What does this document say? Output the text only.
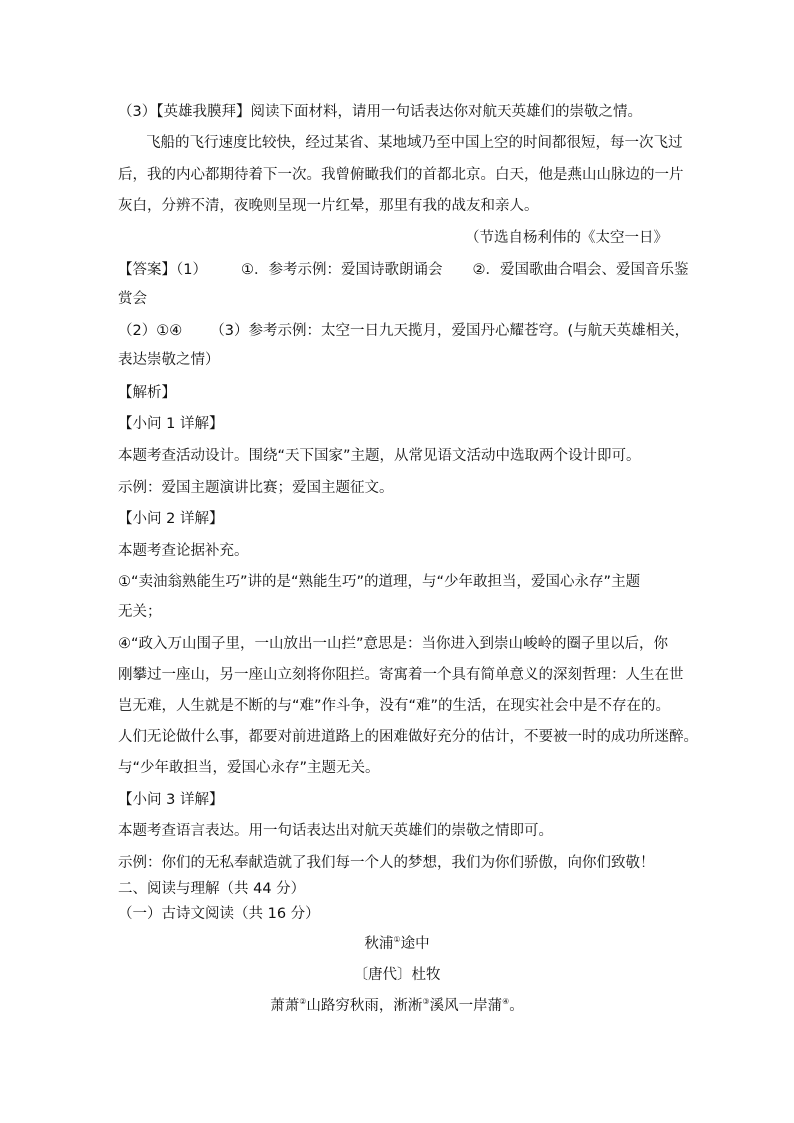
（3）【英雄我膜拜】阅读下面材料，请用一句话表达你对航天英雄们的崇敬之情。
飞船的飞行速度比较快，经过某省、某地域乃至中国上空的时间都很短，每一次飞过
后，我的内心都期待着下一次。我曾俯瞰我们的首都北京。白天，他是燕山山脉边的一片
灰白，分辨不清，夜晚则呈现一片红晕，那里有我的战友和亲人。
（节选自杨利伟的《太空一日》
【答案】（1） ①．参考示例：爱国诗歌朗诵会 ②．爱国歌曲合唱会、爱国音乐鉴
赏会
（2）①④ （3）参考示例：太空一日九天揽月，爱国丹心耀苍穹。(与航天英雄相关，
表达崇敬之情）
【解析】
【小问 1 详解】
本题考查活动设计。围绕“天下国家”主题，从常见语文活动中选取两个设计即可。
示例：爱国主题演讲比赛；爱国主题征文。
【小问 2 详解】
本题考查论据补充。
①“卖油翁熟能生巧”讲的是“熟能生巧”的道理，与“少年敢担当，爱国心永存”主题
无关；
④“政入万山围子里，一山放出一山拦”意思是：当你进入到崇山峻岭的圈子里以后，你
刚攀过一座山，另一座山立刻将你阻拦。寄寓着一个具有简单意义的深刻哲理：人生在世
岂无难，人生就是不断的与“难”作斗争，没有“难”的生活，在现实社会中是不存在的。
人们无论做什么事，都要对前进道路上的困难做好充分的估计，不要被一时的成功所迷醉。
与“少年敢担当，爱国心永存”主题无关。
【小问 3 详解】
本题考查语言表达。用一句话表达出对航天英雄们的崇敬之情即可。
示例：你们的无私奉献造就了我们每一个人的梦想，我们为你们骄傲，向你们致敬！
二、阅读与理解（共 44 分）
（一）古诗文阅读（共 16 分）
秋浦①途中
〔唐代〕杜牧
萧萧②山路穷秋雨，淅淅③溪风一岸蒲④。
